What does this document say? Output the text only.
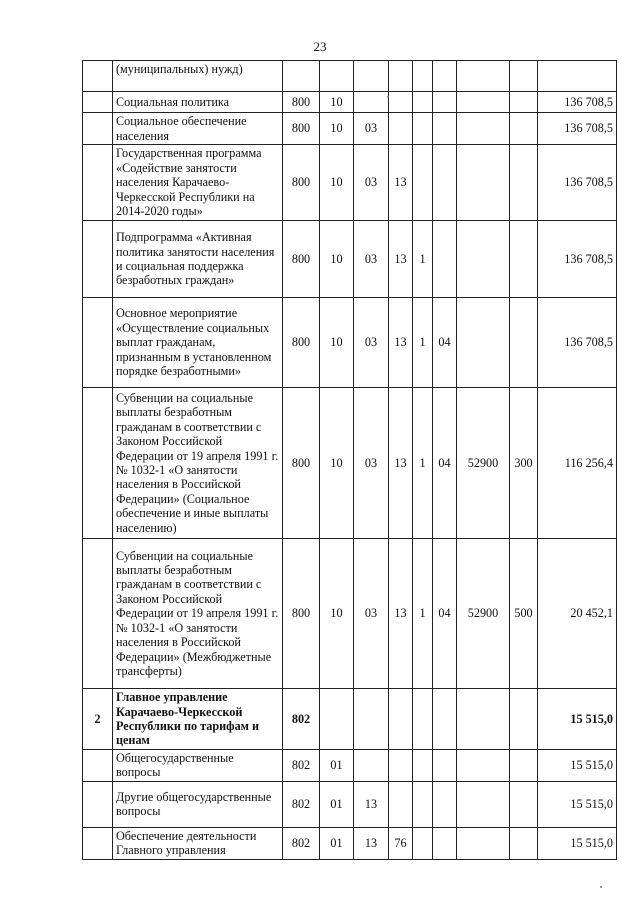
23
	(муниципальных) нужд)									
	Социальная политика	800	10							136 708,5
	Социальное обеспечение населения	800	10	03						136 708,5
	Государственная программа «Содействие занятости населения Карачаево-Черкесской Республики на 2014-2020 годы»	800	10	03	13					136 708,5
	Подпрограмма «Активная политика занятости населения и социальная поддержка безработных граждан»	800	10	03	13	1				136 708,5
	Основное мероприятие «Осуществление социальных выплат гражданам, признанным в установленном порядке безработными»	800	10	03	13	1	04			136 708,5
	Субвенции на социальные выплаты безработным гражданам в соответствии с Законом Российской Федерации от 19 апреля 1991 г. № 1032-1 «О занятости населения в Российской Федерации» (Социальное обеспечение и иные выплаты населению)	800	10	03	13	1	04	52900	300	116 256,4
	Субвенции на социальные выплаты безработным гражданам в соответствии с Законом Российской Федерации от 19 апреля 1991 г. № 1032-1 «О занятости населения в Российской Федерации» (Межбюджетные трансферты)	800	10	03	13	1	04	52900	500	20 452,1
2	Главное управление Карачаево-Черкесской Республики по тарифам и ценам	802								15 515,0
	Общегосударственные вопросы	802	01							15 515,0
	Другие общегосударственные вопросы	802	01	13						15 515,0
	Обеспечение деятельности Главного управления	802	01	13	76					15 515,0
